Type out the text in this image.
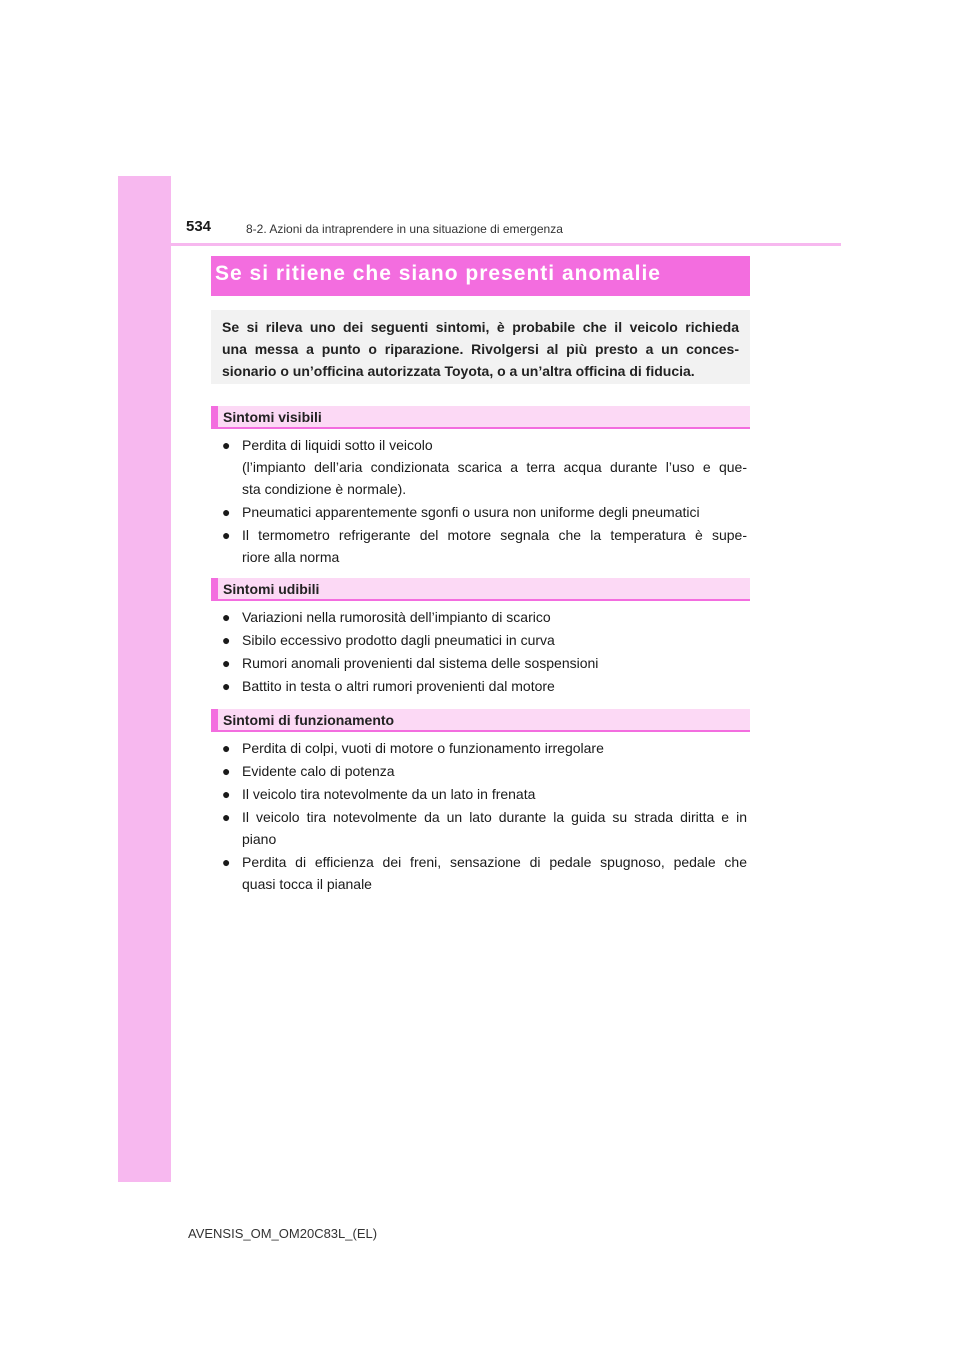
534	8-2. Azioni da intraprendere in una situazione di emergenza
Se si ritiene che siano presenti anomalie
Se si rileva uno dei seguenti sintomi, è probabile che il veicolo richieda
una messa a punto o riparazione. Rivolgersi al più presto a un conces-
sionario o un’officina autorizzata Toyota, o a un’altra officina di fiducia.
Sintomi visibili
● Perdita di liquidi sotto il veicolo
(l’impianto dell’aria condizionata scarica a terra acqua durante l’uso e que-
sta condizione è normale).
● Pneumatici apparentemente sgonfi o usura non uniforme degli pneumatici
● Il termometro refrigerante del motore segnala che la temperatura è supe-
riore alla norma
Sintomi udibili
● Variazioni nella rumorosità dell’impianto di scarico
● Sibilo eccessivo prodotto dagli pneumatici in curva
● Rumori anomali provenienti dal sistema delle sospensioni
● Battito in testa o altri rumori provenienti dal motore
Sintomi di funzionamento
● Perdita di colpi, vuoti di motore o funzionamento irregolare
● Evidente calo di potenza
● Il veicolo tira notevolmente da un lato in frenata
● Il veicolo tira notevolmente da un lato durante la guida su strada diritta e in
piano
● Perdita di efficienza dei freni, sensazione di pedale spugnoso, pedale che
quasi tocca il pianale
AVENSIS_OM_OM20C83L_(EL)
